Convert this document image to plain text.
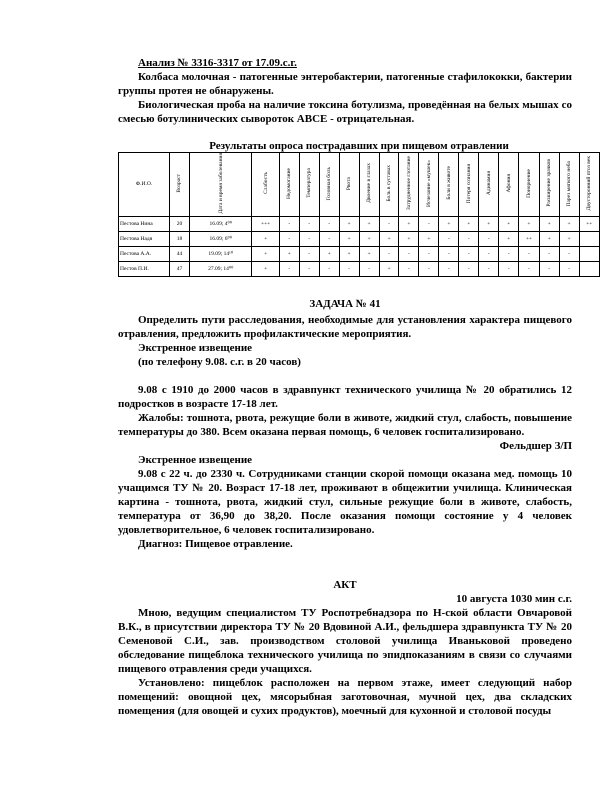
Анализ № 3316-3317 от 17.09.с.г.
Колбаса молочная - патогенные энтеробактерии, патогенные стафилококки, бактерии группы протея не обнаружены.
Биологическая проба на наличие токсина ботулизма, проведённая на белых мышах со смесью ботулинических сывороток АВСЕ - отрицательная.
Результаты опроса пострадавших при пищевом отравлении
Ф.И.О.	Возраст	Дата и время заболевания	Слабость	Недомогание	Температура	Головная боль	Рвота	Двоение в глазах	Боль в суставах	Затрудненное глотание	Исчезание «мушек»	Боли в животе	Потеря сознания	Адинамия	Афония	Понорнение	Расширение зрачков	Парез мягкого неба	Двусторонний птоз век
Пестова Нина	20	16.09; 4⁰⁰	+++	-	-	-	+	+	-	+	-	+	+	+	+	+	+	+	++
Пестова Надя	18	16.09; 6⁰⁰	+	-	-	-	+	+	+	+	+	-	-	-	+	++	+	+	
Пестова А.А.	44	19.09; 14¹⁰	+	+	-	+	+	+	-	-	-	-	-	-	-	-	-	-	
Пестов П.И.	47	27.09; 14⁰⁰	+	-	-	-	-	-	+	-	-	-	-	-	-	-	-	-	
ЗАДАЧА № 41
Определить пути расследования, необходимые для установления характера пищевого отравления, предложить профилактические мероприятия.
Экстренное извещение
(по телефону 9.08. с.г. в 20 часов)
9.08 с 1910 до 2000 часов в здравпункт технического училища № 20 обратились 12 подростков в возрасте 17-18 лет.
Жалобы: тошнота, рвота, режущие боли в животе, жидкий стул, слабость, повышение температуры до 380. Всем оказана первая помощь, 6 человек госпитализировано.
Фельдшер З/П
Экстренное извещение
9.08 с 22 ч. до 2330 ч. Сотрудниками станции скорой помощи оказана мед. помощь 10 учащимся ТУ № 20. Возраст 17-18 лет, проживают в общежитии училища. Клиническая картина - тошнота, рвота, жидкий стул, сильные режущие боли в животе, слабость, температура от 36,90 до 38,20. После оказания помощи состояние у 4 человек удовлетворительное, 6 человек госпитализировано.
Диагноз: Пищевое отравление.
АКТ
10 августа 1030 мин с.г.
Мною, ведущим специалистом ТУ Роспотребнадзора по Н-ской области Овчаровой В.К., в присутствии директора ТУ № 20 Вдовиной А.И., фельдшера здравпункта ТУ № 20 Семеновой С.И., зав. производством столовой училища Иваньковой проведено обследование пищеблока технического училища по эпидпоказаниям в связи со случаями пищевого отравления среди учащихся.
Установлено: пищеблок расположен на первом этаже, имеет следующий набор помещений: овощной цех, мясорыбная заготовочная, мучной цех, два складских помещения (для овощей и сухих продуктов), моечный для кухонной и столовой посуды
